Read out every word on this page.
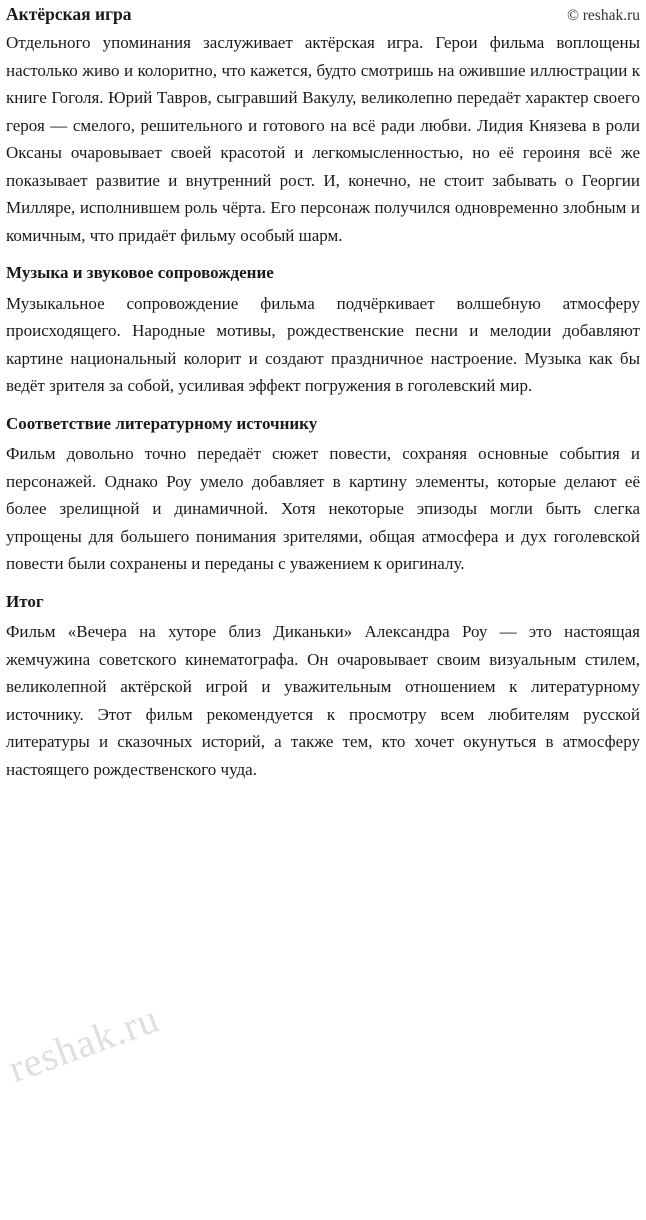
Актёрская игра	© reshak.ru

Отдельного упоминания заслуживает актёрская игра. Герои фильма воплощены настолько живо и колоритно, что кажется, будто смотришь на ожившие иллюстрации к книге Гоголя. Юрий Тавров, сыгравший Вакулу, великолепно передаёт характер своего героя — смелого, решительного и готового на всё ради любви. Лидия Князева в роли Оксаны очаровывает своей красотой и легкомысленностью, но её героиня всё же показывает развитие и внутренний рост. И, конечно, не стоит забывать о Георгии Милляре, исполнившем роль чёрта. Его персонаж получился одновременно злобным и комичным, что придаёт фильму особый шарм.

Музыка и звуковое сопровождение

Музыкальное сопровождение фильма подчёркивает волшебную атмосферу происходящего. Народные мотивы, рождественские песни и мелодии добавляют картине национальный колорит и создают праздничное настроение. Музыка как бы ведёт зрителя за собой, усиливая эффект погружения в гоголевский мир.

Соответствие литературному источнику

Фильм довольно точно передаёт сюжет повести, сохраняя основные события и персонажей. Однако Роу умело добавляет в картину элементы, которые делают её более зрелищной и динамичной. Хотя некоторые эпизоды могли быть слегка упрощены для большего понимания зрителями, общая атмосфера и дух гоголевской повести были сохранены и переданы с уважением к оригиналу.

Итог

Фильм «Вечера на хуторе близ Диканьки» Александра Роу — это настоящая жемчужина советского кинематографа. Он очаровывает своим визуальным стилем, великолепной актёрской игрой и уважительным отношением к литературному источнику. Этот фильм рекомендуется к просмотру всем любителям русской литературы и сказочных историй, а также тем, кто хочет окунуться в атмосферу настоящего рождественского чуда.

reshak.ru
